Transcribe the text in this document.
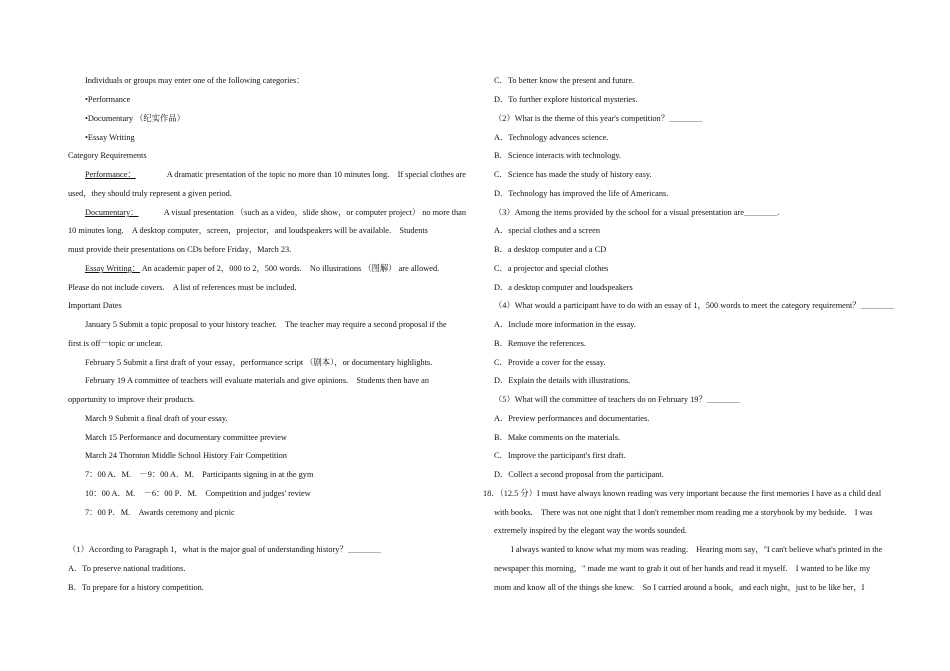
Individuals or groups may enter one of the following categories：
•Performance
•Documentary （纪实作品）
•Essay Writing
Category Requirements
Performance：	A dramatic presentation of the topic no more than 10 minutes long.　If special clothes are
used，they should truly represent a given period.
Documentary：	A visual presentation （such as a video，slide show，or computer project） no more than
10 minutes long.　A desktop computer，screen，projector，and loudspeakers will be available.　Students
must provide their presentations on CDs before Friday，March 23.
Essay Writing： An academic paper of 2，000 to 2，500 words.　No illustrations （图解） are allowed.
Please do not include covers.　A list of references must be included.
Important Dates
January 5 Submit a topic proposal to your history teacher.　The teacher may require a second proposal if the
first is off－topic or unclear.
February 5 Submit a first draft of your essay，performance script （剧本），or documentary highlights.
February 19 A committee of teachers will evaluate materials and give opinions.　Students then have an
opportunity to improve their products.
March 9 Submit a final draft of your essay.
March 15 Performance and documentary committee preview
March 24 Thornton Middle School History Fair Competition
7：00 A．M.　－9：00 A．M.　Participants signing in at the gym
10：00 A．M.　－6：00 P．M.　Competition and judges' review
7：00 P．M.　Awards ceremony and picnic
（1）According to Paragraph 1，what is the major goal of understanding history？＿＿＿＿
A．To preserve national traditions.
B．To prepare for a history competition.
C．To better know the present and future.
D．To further explore historical mysteries.
（2）What is the theme of this year's competition？＿＿＿＿
A．Technology advances science.
B．Science interacts with technology.
C．Science has made the study of history easy.
D．Technology has improved the life of Americans.
（3）Among the items provided by the school for a visual presentation are＿＿＿＿.
A．special clothes and a screen
B．a desktop computer and a CD
C．a projector and special clothes
D．a desktop computer and loudspeakers
（4）What would a participant have to do with an essay of 1，500 words to meet the category requirement？＿＿＿＿
A．Include more information in the essay.
B．Remove the references.
C．Provide a cover for the essay.
D．Explain the details with illustrations.
（5）What will the committee of teachers do on February 19？＿＿＿＿
A．Preview performances and documentaries.
B．Make comments on the materials.
C．Improve the participant's first draft.
D．Collect a second proposal from the participant.
18．（12.5 分）I must have always known reading was very important because the first memories I have as a child deal
with books.　There was not one night that I don't remember mom reading me a storybook by my bedside.　I was
extremely inspired by the elegant way the words sounded.
I always wanted to know what my mom was reading.　Hearing mom say，"I can't believe what's printed in the
newspaper this morning，" made me want to grab it out of her hands and read it myself.　I wanted to be like my
mom and know all of the things she knew.　So I carried around a book，and each night，just to be like her，I
